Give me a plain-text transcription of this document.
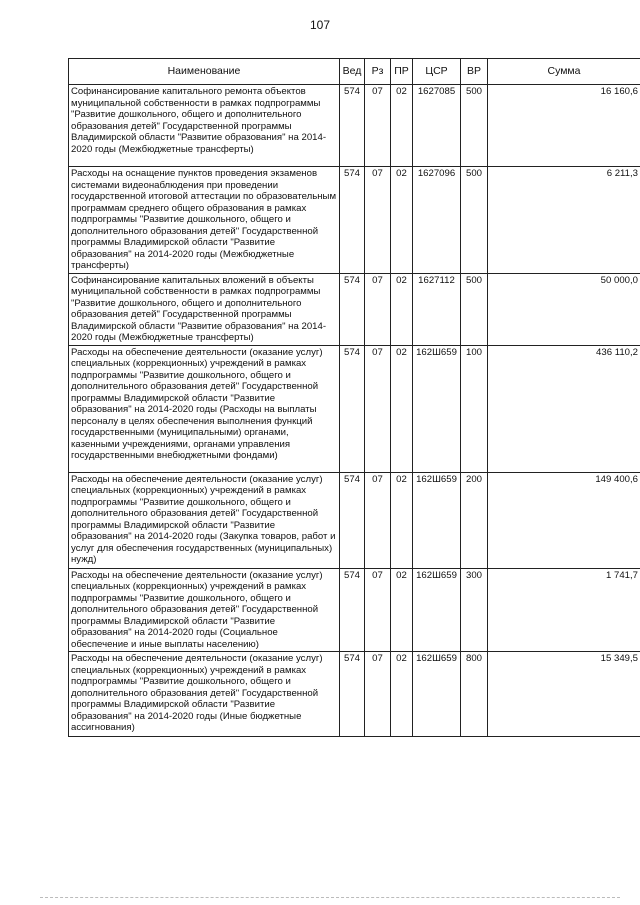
107
Наименование	Вед	Рз	ПР	ЦСР	ВР	Сумма
Софинансирование капитального ремонта объектов муниципальной собственности в рамках подпрограммы "Развитие дошкольного, общего и дополнительного образования детей" Государственной программы Владимирской области "Развитие образования" на 2014-2020 годы (Межбюджетные трансферты)	574	07	02	1627085	500	16 160,6
Расходы на оснащение пунктов проведения экзаменов системами видеонаблюдения при проведении государственной итоговой аттестации по образовательным программам среднего общего образования в рамках подпрограммы "Развитие дошкольного, общего и дополнительного образования детей" Государственной программы Владимирской области "Развитие образования" на 2014-2020 годы (Межбюджетные трансферты)	574	07	02	1627096	500	6 211,3
Софинансирование капитальных вложений в объекты муниципальной собственности в рамках подпрограммы "Развитие дошкольного, общего и дополнительного образования детей" Государственной программы Владимирской области "Развитие образования" на 2014-2020 годы (Межбюджетные трансферты)	574	07	02	1627112	500	50 000,0
Расходы на обеспечение деятельности (оказание услуг) специальных (коррекционных) учреждений в рамках подпрограммы "Развитие дошкольного, общего и дополнительного образования детей" Государственной программы Владимирской области "Развитие образования" на 2014-2020 годы (Расходы на выплаты персоналу в целях обеспечения выполнения функций государственными (муниципальными) органами, казенными учреждениями, органами управления государственными внебюджетными фондами)	574	07	02	162Ш659	100	436 110,2
Расходы на обеспечение деятельности (оказание услуг) специальных (коррекционных) учреждений в рамках подпрограммы "Развитие дошкольного, общего и дополнительного образования детей" Государственной программы Владимирской области "Развитие образования" на 2014-2020 годы (Закупка товаров, работ и услуг для обеспечения государственных (муниципальных) нужд)	574	07	02	162Ш659	200	149 400,6
Расходы на обеспечение деятельности (оказание услуг) специальных (коррекционных) учреждений в рамках подпрограммы "Развитие дошкольного, общего и дополнительного образования детей" Государственной программы Владимирской области "Развитие образования" на 2014-2020 годы (Социальное обеспечение и иные выплаты населению)	574	07	02	162Ш659	300	1 741,7
Расходы на обеспечение деятельности (оказание услуг) специальных (коррекционных) учреждений в рамках подпрограммы "Развитие дошкольного, общего и дополнительного образования детей" Государственной программы Владимирской области "Развитие образования" на 2014-2020 годы (Иные бюджетные ассигнования)	574	07	02	162Ш659	800	15 349,5
